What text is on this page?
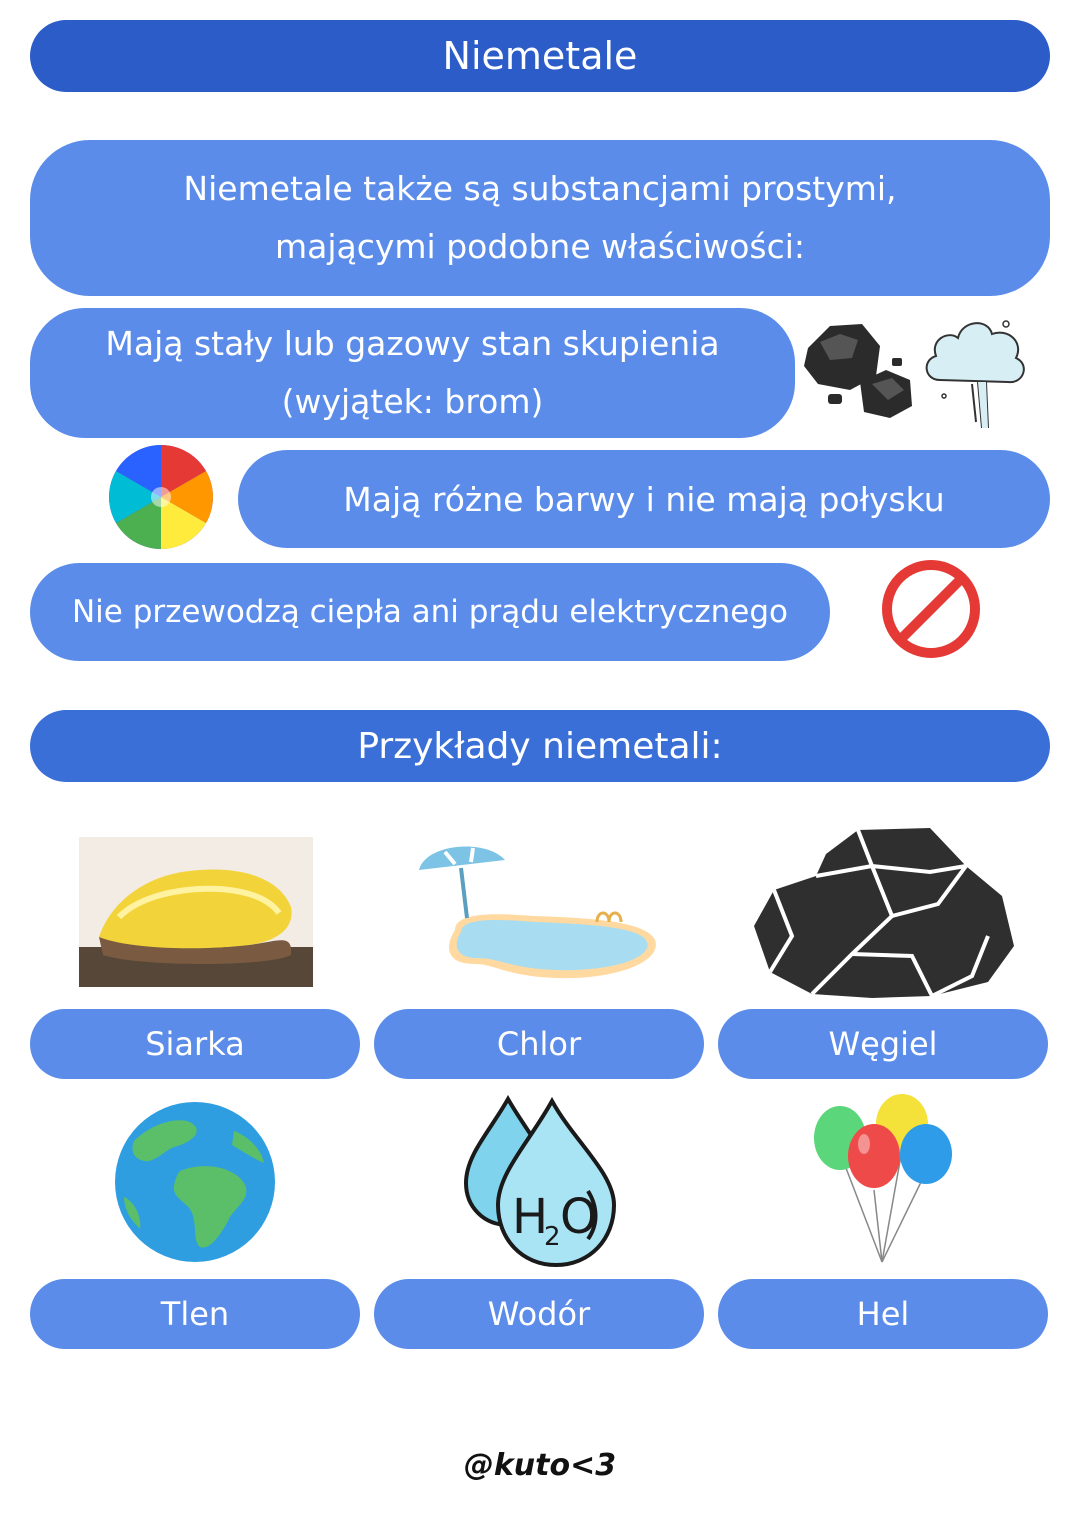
Niemetale
Niemetale także są substancjami prostymi,
mającymi podobne właściwości:
Mają stały lub gazowy stan skupienia
(wyjątek: brom)
Mają różne barwy i nie mają połysku
Nie przewodzą ciepła ani prądu elektrycznego
Przykłady niemetali:
Siarka	Chlor	Węgiel
H
2 O
Tlen	Wodór	Hel
@kuto<3
